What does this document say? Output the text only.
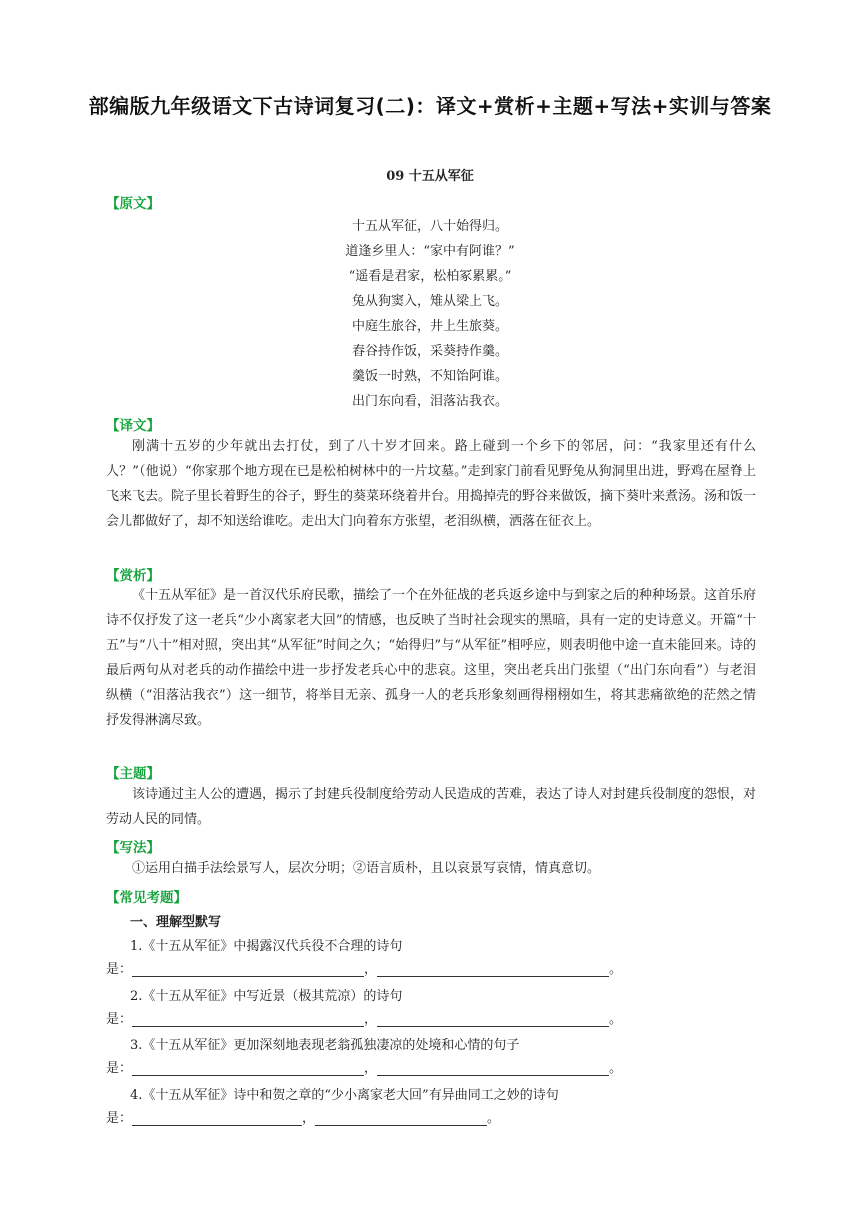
部编版九年级语文下古诗词复习(二)：译文+赏析+主题+写法+实训与答案
09 十五从军征
【原文】
十五从军征，八十始得归。
道逢乡里人：“家中有阿谁？”
“遥看是君家，松柏冢累累。”
兔从狗窦入，雉从梁上飞。
中庭生旅谷，井上生旅葵。
舂谷持作饭，采葵持作羹。
羹饭一时熟，不知饴阿谁。
出门东向看，泪落沾我衣。
【译文】

刚满十五岁的少年就出去打仗，到了八十岁才回来。路上碰到一个乡下的邻居，问：“我家里还有什么人？”（他说）“你家那个地方现在已是松柏树林中的一片坟墓。”走到家门前看见野兔从狗洞里出进，野鸡在屋脊上飞来飞去。院子里长着野生的谷子，野生的葵菜环绕着井台。用捣掉壳的野谷来做饭，摘下葵叶来煮汤。汤和饭一会儿都做好了，却不知送给谁吃。走出大门向着东方张望，老泪纵横，洒落在征衣上。

【赏析】

《十五从军征》是一首汉代乐府民歌，描绘了一个在外征战的老兵返乡途中与到家之后的种种场景。这首乐府诗不仅抒发了这一老兵“少小离家老大回”的情感，也反映了当时社会现实的黑暗，具有一定的史诗意义。开篇“十五”与“八十”相对照，突出其“从军征”时间之久；“始得归”与“从军征”相呼应，则表明他中途一直未能回来。诗的最后两句从对老兵的动作描绘中进一步抒发老兵心中的悲哀。这里，突出老兵出门张望（“出门东向看”）与老泪纵横（“泪落沾我衣”）这一细节，将举目无亲、孤身一人的老兵形象刻画得栩栩如生，将其悲痛欲绝的茫然之情抒发得淋漓尽致。

【主题】

该诗通过主人公的遭遇，揭示了封建兵役制度给劳动人民造成的苦难，表达了诗人对封建兵役制度的怨恨，对劳动人民的同情。

【写法】

①运用白描手法绘景写人，层次分明；②语言质朴，且以哀景写哀情，情真意切。

【常见考题】
一、理解型默写
1.《十五从军征》中揭露汉代兵役不合理的诗句
是：	，	。
2.《十五从军征》中写近景（极其荒凉）的诗句
是：	，	。
3.《十五从军征》更加深刻地表现老翁孤独凄凉的处境和心情的句子
是：	，	。
4.《十五从军征》诗中和贺之章的“少小离家老大回”有异曲同工之妙的诗句
是：	，	。
